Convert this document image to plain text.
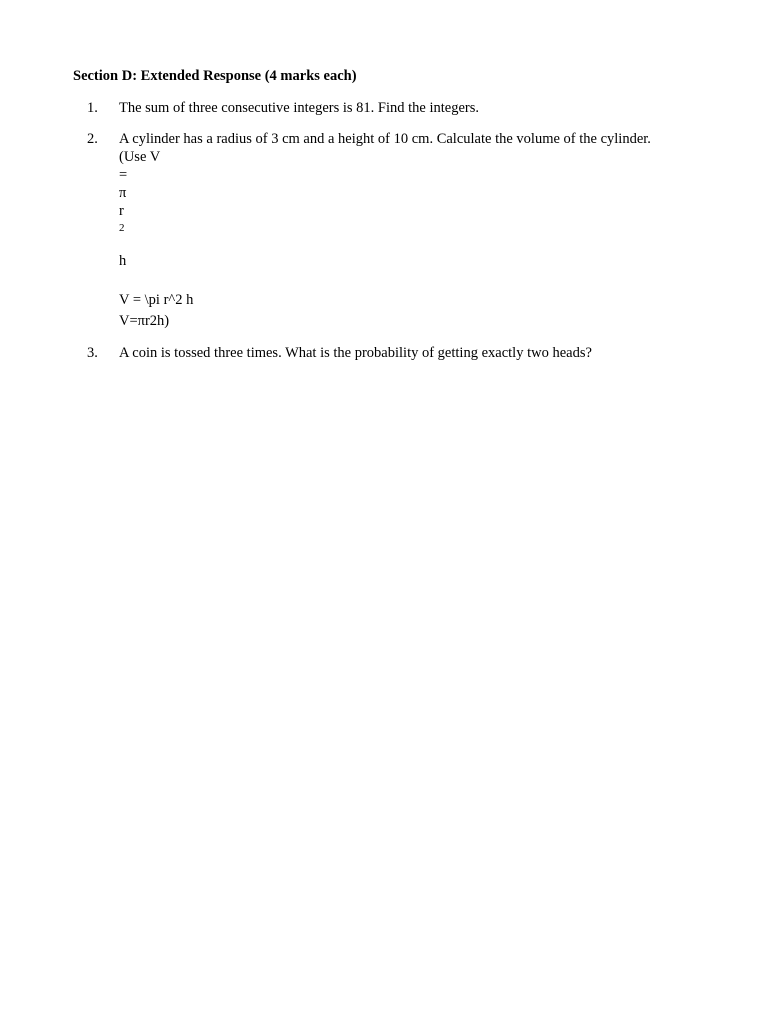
Section D: Extended Response (4 marks each)
1. The sum of three consecutive integers is 81. Find the integers.
2. A cylinder has a radius of 3 cm and a height of 10 cm. Calculate the volume of the cylinder.
(Use V
=
π
r
2
h
V = \pi r^2 h
V=πr2h)
3. A coin is tossed three times. What is the probability of getting exactly two heads?
